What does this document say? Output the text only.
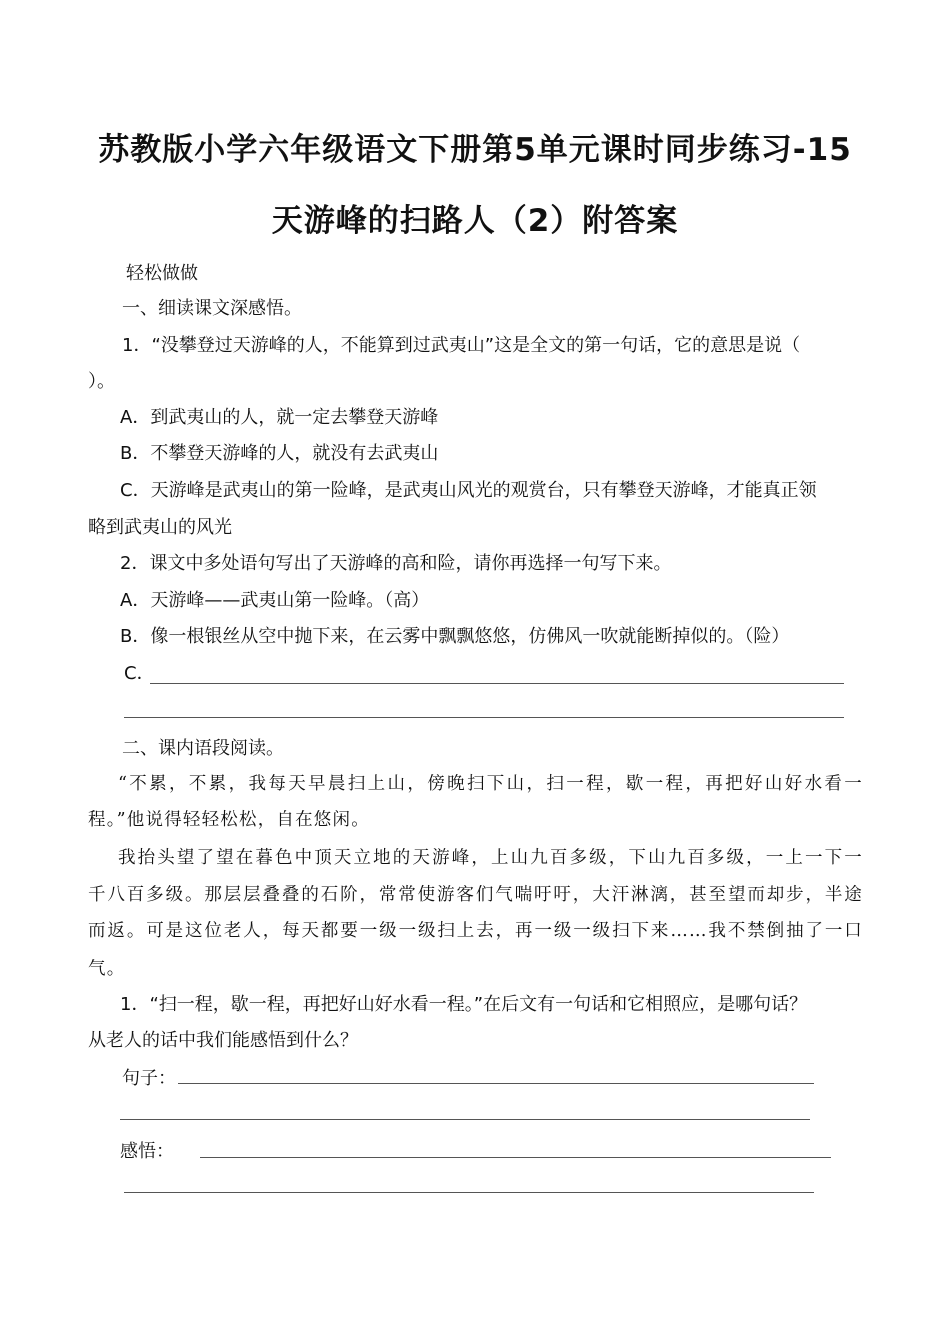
苏教版小学六年级语文下册第5单元课时同步练习-15
天游峰的扫路人（2）附答案
轻松做做
一、细读课文深感悟。
1．“没攀登过天游峰的人，不能算到过武夷山”这是全文的第一句话，它的意思是说（
）。
A．到武夷山的人，就一定去攀登天游峰
B．不攀登天游峰的人，就没有去武夷山
C．天游峰是武夷山的第一险峰，是武夷山风光的观赏台，只有攀登天游峰，才能真正领
略到武夷山的风光
2．课文中多处语句写出了天游峰的高和险，请你再选择一句写下来。
A．天游峰——武夷山第一险峰。（高）
B．像一根银丝从空中抛下来，在云雾中飘飘悠悠，仿佛风一吹就能断掉似的。（险）
C．
二、课内语段阅读。
“不累，不累，我每天早晨扫上山，傍晚扫下山，扫一程，歇一程，再把好山好水看一
程。”他说得轻轻松松，自在悠闲。
我抬头望了望在暮色中顶天立地的天游峰，上山九百多级，下山九百多级，一上一下一
千八百多级。那层层叠叠的石阶，常常使游客们气喘吁吁，大汗淋漓，甚至望而却步，半途
而返。可是这位老人，每天都要一级一级扫上去，再一级一级扫下来……我不禁倒抽了一口
气。
1．“扫一程，歇一程，再把好山好水看一程。”在后文有一句话和它相照应，是哪句话？
从老人的话中我们能感悟到什么？
句子：
感悟：
